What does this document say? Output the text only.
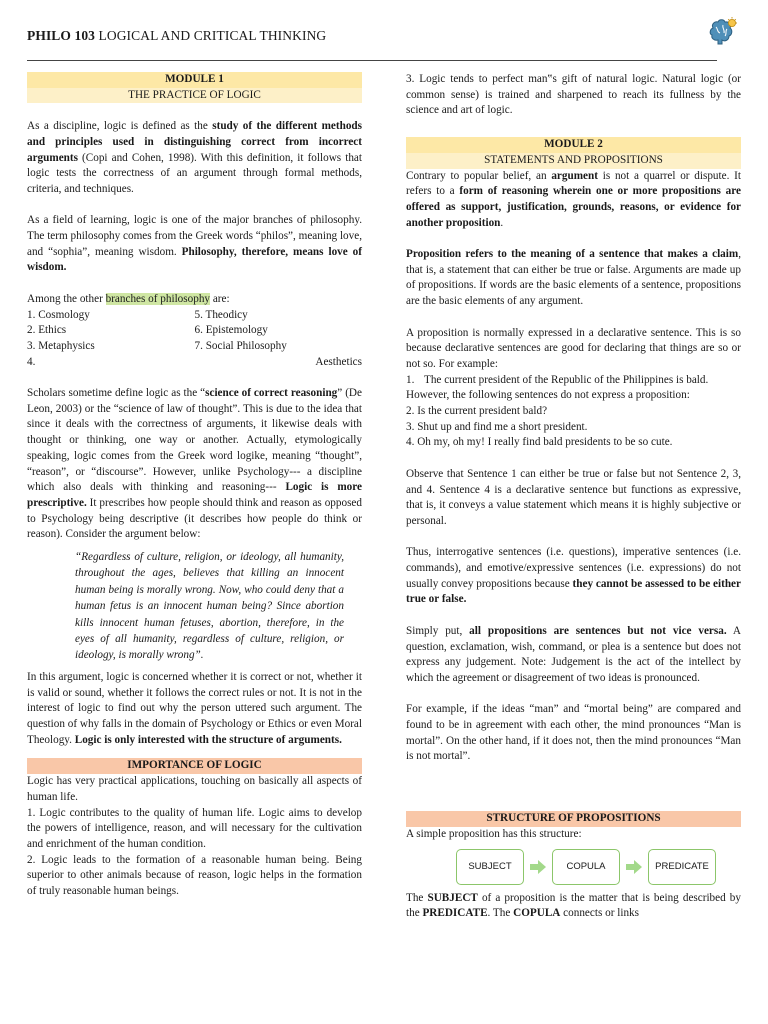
PHILO 103 LOGICAL AND CRITICAL THINKING
MODULE 1
THE PRACTICE OF LOGIC

As a discipline, logic is defined as the study of the different methods and principles used in distinguishing correct from incorrect arguments (Copi and Cohen, 1998). With this definition, it follows that logic tests the correctness of an argument through formal methods, criteria, and techniques.

As a field of learning, logic is one of the major branches of philosophy. The term philosophy comes from the Greek words “philos”, meaning love, and “sophia”, meaning wisdom. Philosophy, therefore, means love of wisdom.

Among the other branches of philosophy are:

1. Cosmology	5. Theodicy
2. Ethics	6. Epistemology
3. Metaphysics	7. Social Philosophy
4.	Aesthetics

Scholars sometime define logic as the “science of correct reasoning” (De Leon, 2003) or the “science of law of thought”. This is due to the idea that since it deals with the correctness of arguments, it likewise deals with thought or thinking, one way or another. Actually, etymologically speaking, logic comes from the Greek word logike, meaning “thought”, “reason”, or “discourse”. However, unlike Psychology--- a discipline which also deals with thinking and reasoning--- Logic is more prescriptive. It prescribes how people should think and reason as opposed to Psychology being descriptive (it describes how people do think or reason). Consider the argument below:

“Regardless of culture, religion, or ideology, all humanity, throughout the ages, believes that killing an innocent human being is morally wrong. Now, who could deny that a human fetus is an innocent human being? Since abortion kills innocent human fetuses, abortion, therefore, in the eyes of all humanity, regardless of culture, religion, or ideology, is morally wrong”.

In this argument, logic is concerned whether it is correct or not, whether it is valid or sound, whether it follows the correct rules or not. It is not in the interest of logic to find out why the person uttered such argument. The question of why falls in the domain of Psychology or Ethics or even Moral Theology. Logic is only interested with the structure of arguments.

IMPORTANCE OF LOGIC

Logic has very practical applications, touching on basically all aspects of human life.

1. Logic contributes to the quality of human life. Logic aims to develop the powers of intelligence, reason, and will necessary for the cultivation and enrichment of the human condition.

2. Logic leads to the formation of a reasonable human being. Being superior to other animals because of reason, logic helps in the formation of truly reasonable human beings.

3. Logic tends to perfect man‟s gift of natural logic. Natural logic (or common sense) is trained and sharpened to reach its fullness by the science and art of logic.

MODULE 2
STATEMENTS AND PROPOSITIONS

Contrary to popular belief, an argument is not a quarrel or dispute. It refers to a form of reasoning wherein one or more propositions are offered as support, justification, grounds, reasons, or evidence for another proposition.

Proposition refers to the meaning of a sentence that makes a claim, that is, a statement that can either be true or false. Arguments are made up of propositions. If words are the basic elements of a sentence, propositions are the basic elements of any argument.

A proposition is normally expressed in a declarative sentence. This is so because declarative sentences are good for declaring that things are so or not so. For example:

1. The current president of the Republic of the Philippines is bald.

However, the following sentences do not express a proposition:

2. Is the current president bald?

3. Shut up and find me a short president.

4. Oh my, oh my! I really find bald presidents to be so cute.

Observe that Sentence 1 can either be true or false but not Sentence 2, 3, and 4. Sentence 4 is a declarative sentence but functions as expressive, that is, it conveys a value statement which means it is highly subjective or personal.

Thus, interrogative sentences (i.e. questions), imperative sentences (i.e. commands), and emotive/expressive sentences (i.e. expressions) do not usually convey propositions because they cannot be assessed to be either true or false.

Simply put, all propositions are sentences but not vice versa. A question, exclamation, wish, command, or plea is a sentence but does not express any judgement. Note: Judgement is the act of the intellect by which the agreement or disagreement of two ideas is pronounced.

For example, if the ideas “man” and “mortal being” are compared and found to be in agreement with each other, the mind pronounces “Man is mortal”. On the other hand, if it does not, then the mind pronounces “Man is not mortal”.

STRUCTURE OF PROPOSITIONS

A simple proposition has this structure:

SUBJECT	COPULA	PREDICATE

The SUBJECT of a proposition is the matter that is being described by the PREDICATE. The COPULA connects or links
